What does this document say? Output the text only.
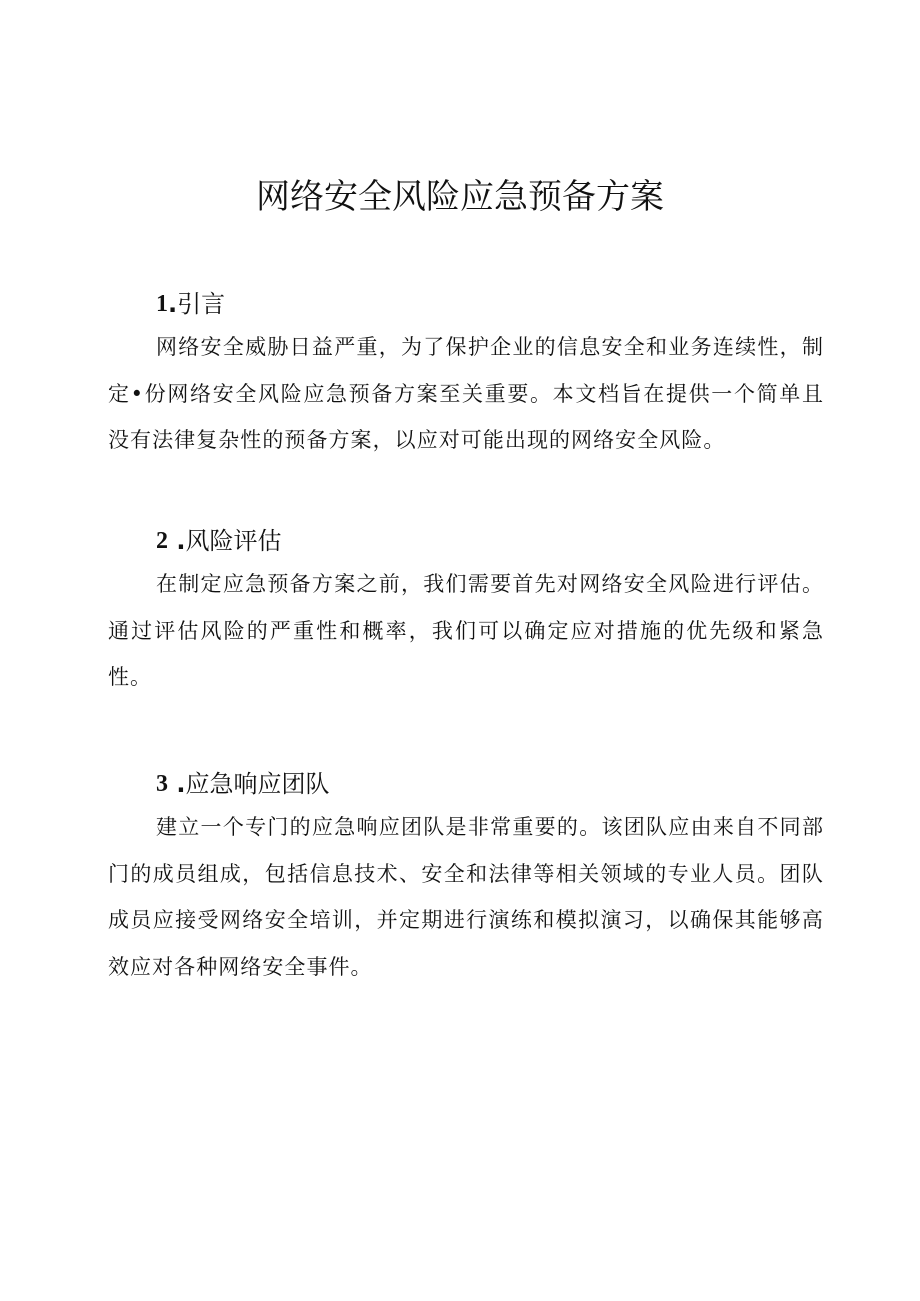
网络安全风险应急预备方案
1 . 引言

网络安全威胁日益严重，为了保护企业的信息安全和业务连续性，制定•份网络安全风险应急预备方案至关重要。本文档旨在提供一个简单且没有法律复杂性的预备方案，以应对可能出现的网络安全风险。

2 . 风险评估

在制定应急预备方案之前，我们需要首先对网络安全风险进行评估。通过评估风险的严重性和概率，我们可以确定应对措施的优先级和紧急性。

3 . 应急响应团队

建立一个专门的应急响应团队是非常重要的。该团队应由来自不同部门的成员组成，包括信息技术、安全和法律等相关领域的专业人员。团队成员应接受网络安全培训，并定期进行演练和模拟演习，以确保其能够高效应对各种网络安全事件。
